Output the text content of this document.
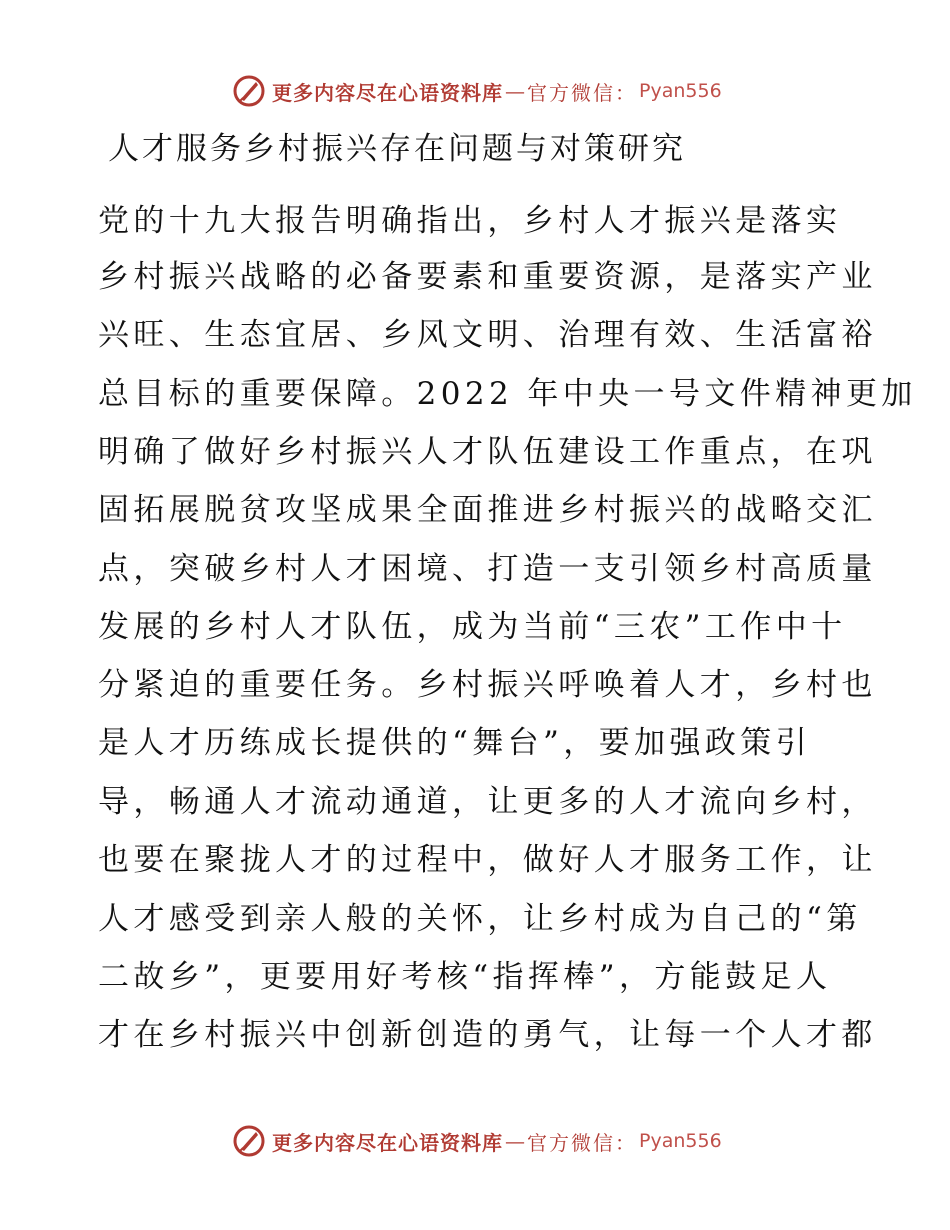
更多内容尽在心语资料库 — 官方微信： Pyan556
人才服务乡村振兴存在问题与对策研究
党的十九大报告明确指出，乡村人才振兴是落实
乡村振兴战略的必备要素和重要资源，是落实产业
兴旺、生态宜居、乡风文明、治理有效、生活富裕
总目标的重要保障。2022 年中央一号文件精神更加
明确了做好乡村振兴人才队伍建设工作重点，在巩
固拓展脱贫攻坚成果全面推进乡村振兴的战略交汇
点，突破乡村人才困境、打造一支引领乡村高质量
发展的乡村人才队伍，成为当前“三农”工作中十
分紧迫的重要任务。乡村振兴呼唤着人才，乡村也
是人才历练成长提供的“舞台”，要加强政策引
导，畅通人才流动通道，让更多的人才流向乡村，
也要在聚拢人才的过程中，做好人才服务工作，让
人才感受到亲人般的关怀，让乡村成为自己的“第
二故乡”，更要用好考核“指挥棒”，方能鼓足人
才在乡村振兴中创新创造的勇气，让每一个人才都
更多内容尽在心语资料库 — 官方微信： Pyan556
